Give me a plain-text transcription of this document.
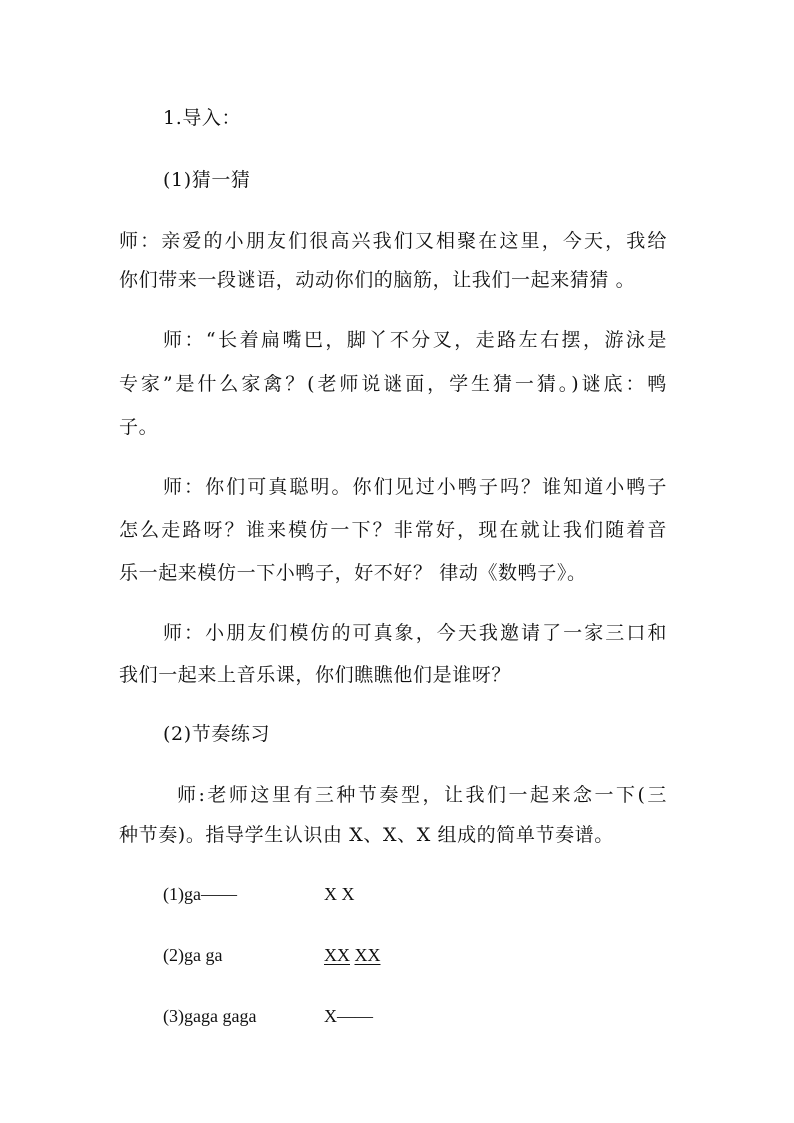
1.导入：
(1)猜一猜
师：亲爱的小朋友们很高兴我们又相聚在这里，今天，我给
你们带来一段谜语，动动你们的脑筋，让我们一起来猜猜 。
师：“长着扁嘴巴，脚丫不分叉，走路左右摆，游泳是
专家”是什么家禽？(老师说谜面，学生猜一猜。)谜底：鸭
子。
师：你们可真聪明。你们见过小鸭子吗？谁知道小鸭子
怎么走路呀？谁来模仿一下？非常好，现在就让我们随着音
乐一起来模仿一下小鸭子，好不好？ 律动《数鸭子》。
师：小朋友们模仿的可真象，今天我邀请了一家三口和
我们一起来上音乐课，你们瞧瞧他们是谁呀？
(2)节奏练习
师:老师这里有三种节奏型，让我们一起来念一下(三
种节奏)。指导学生认识由 X、X、X 组成的简单节奏谱。
(1)ga——	X X
(2)ga ga	XX XX
(3)gaga gaga	X——
